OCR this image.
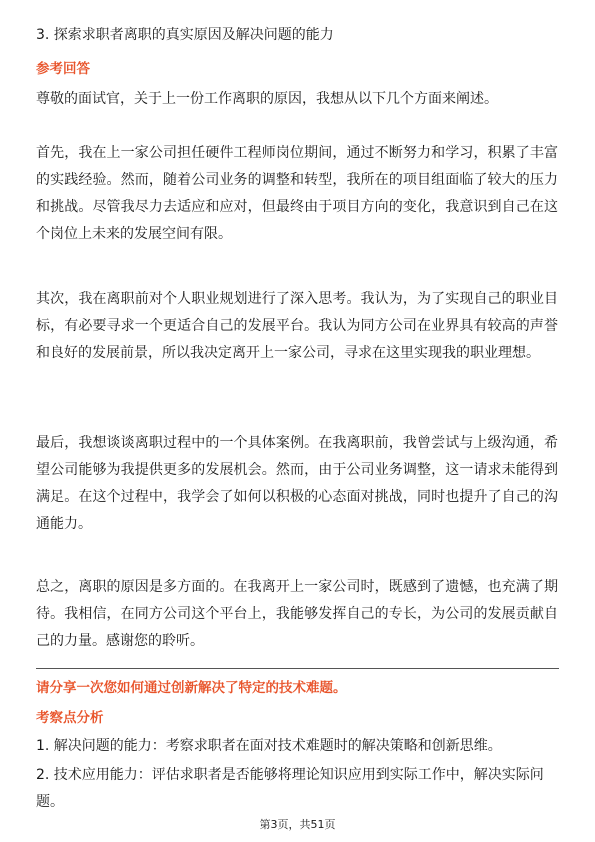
3. 探索求职者离职的真实原因及解决问题的能力
参考回答

尊敬的面试官，关于上一份工作离职的原因，我想从以下几个方面来阐述。

首先，我在上一家公司担任硬件工程师岗位期间，通过不断努力和学习，积累了丰富的实践经验。然而，随着公司业务的调整和转型，我所在的项目组面临了较大的压力和挑战。尽管我尽力去适应和应对，但最终由于项目方向的变化，我意识到自己在这个岗位上未来的发展空间有限。

其次，我在离职前对个人职业规划进行了深入思考。我认为，为了实现自己的职业目标，有必要寻求一个更适合自己的发展平台。我认为同方公司在业界具有较高的声誉和良好的发展前景，所以我决定离开上一家公司，寻求在这里实现我的职业理想。

最后，我想谈谈离职过程中的一个具体案例。在我离职前，我曾尝试与上级沟通，希望公司能够为我提供更多的发展机会。然而，由于公司业务调整，这一请求未能得到满足。在这个过程中，我学会了如何以积极的心态面对挑战，同时也提升了自己的沟通能力。

总之，离职的原因是多方面的。在我离开上一家公司时，既感到了遗憾，也充满了期待。我相信，在同方公司这个平台上，我能够发挥自己的专长，为公司的发展贡献自己的力量。感谢您的聆听。

请分享一次您如何通过创新解决了特定的技术难题。
考察点分析

1. 解决问题的能力：考察求职者在面对技术难题时的解决策略和创新思维。

2. 技术应用能力：评估求职者是否能够将理论知识应用到实际工作中，解决实际问题。

第3页，共51页
